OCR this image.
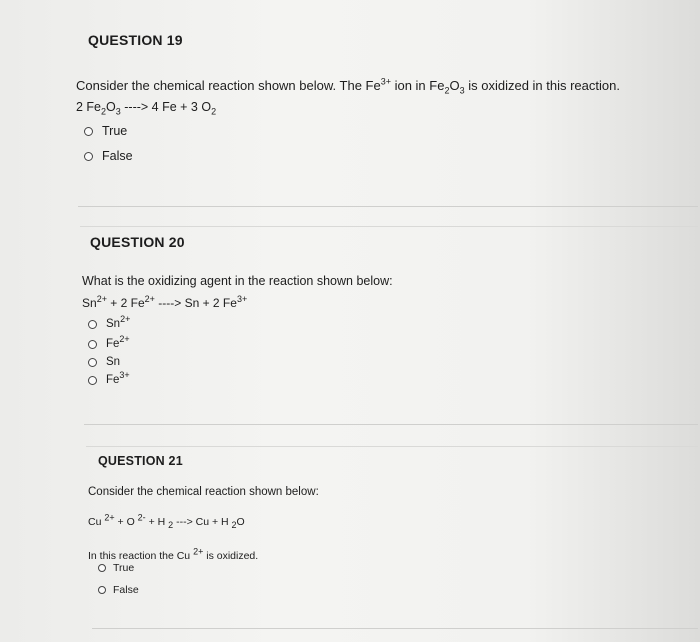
QUESTION 19
Consider the chemical reaction shown below. The $Fe^{3+}$ ion in $Fe_2O_3$ is oxidized in this reaction.
2 $Fe_2O_3$ ----> 4 Fe + 3 $O_2$
True
False
QUESTION 20
What is the oxidizing agent in the reaction shown below:
$Sn^{2+} + 2$ $Fe^{2+}$ ----> Sn + 2 $Fe^{3+}$
$Sn^{2+}$
$Fe^{2+}$
Sn
$Fe^{3+}$
QUESTION 21
Consider the chemical reaction shown below:
Cu $^{2+}$ + O $^{2-}$ + H $_2$ ---> Cu + H $_2$O
In this reaction the Cu $^{2+}$ is oxidized.
True
False
